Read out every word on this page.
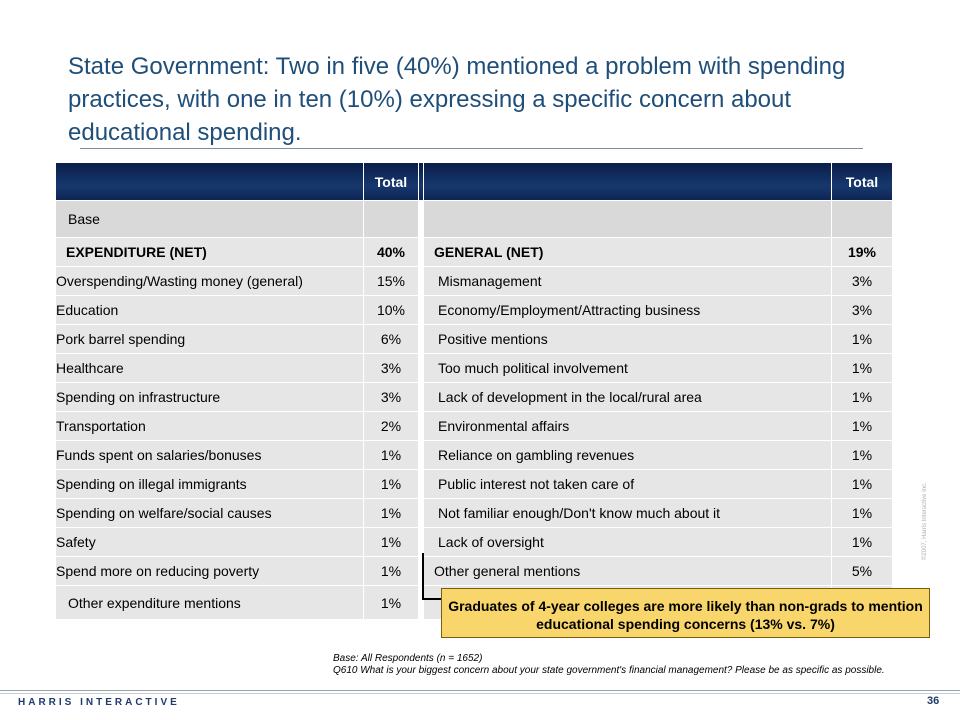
State Government: Two in five (40%) mentioned a problem with spending practices, with one in ten (10%) expressing a specific concern about educational spending.
	Total			Total
Base				
EXPENDITURE (NET)	40%		GENERAL (NET)	19%
Overspending/Wasting money (general)	15%		Mismanagement	3%
Education	10%		Economy/Employment/Attracting business	3%
Pork barrel spending	6%		Positive mentions	1%
Healthcare	3%		Too much political involvement	1%
Spending on infrastructure	3%		Lack of development in the local/rural area	1%
Transportation	2%		Environmental affairs	1%
Funds spent on salaries/bonuses	1%		Reliance on gambling revenues	1%
Spending on illegal immigrants	1%		Public interest not taken care of	1%
Spending on welfare/social causes	1%		Not familiar enough/Don't know much about it	1%
Safety	1%		Lack of oversight	1%
Spend more on reducing poverty	1%		Other general mentions	5%
Other expenditure mentions	1%				Graduates of 4-year colleges are more likely than non-grads to mention educational spending concerns (13% vs. 7%)
Base: All Respondents (n = 1652)
Q610 What is your biggest concern about your state government's financial management? Please be as specific as possible.
©2007, Harris Interactive Inc.
HARRIS INTERACTIVE	36
